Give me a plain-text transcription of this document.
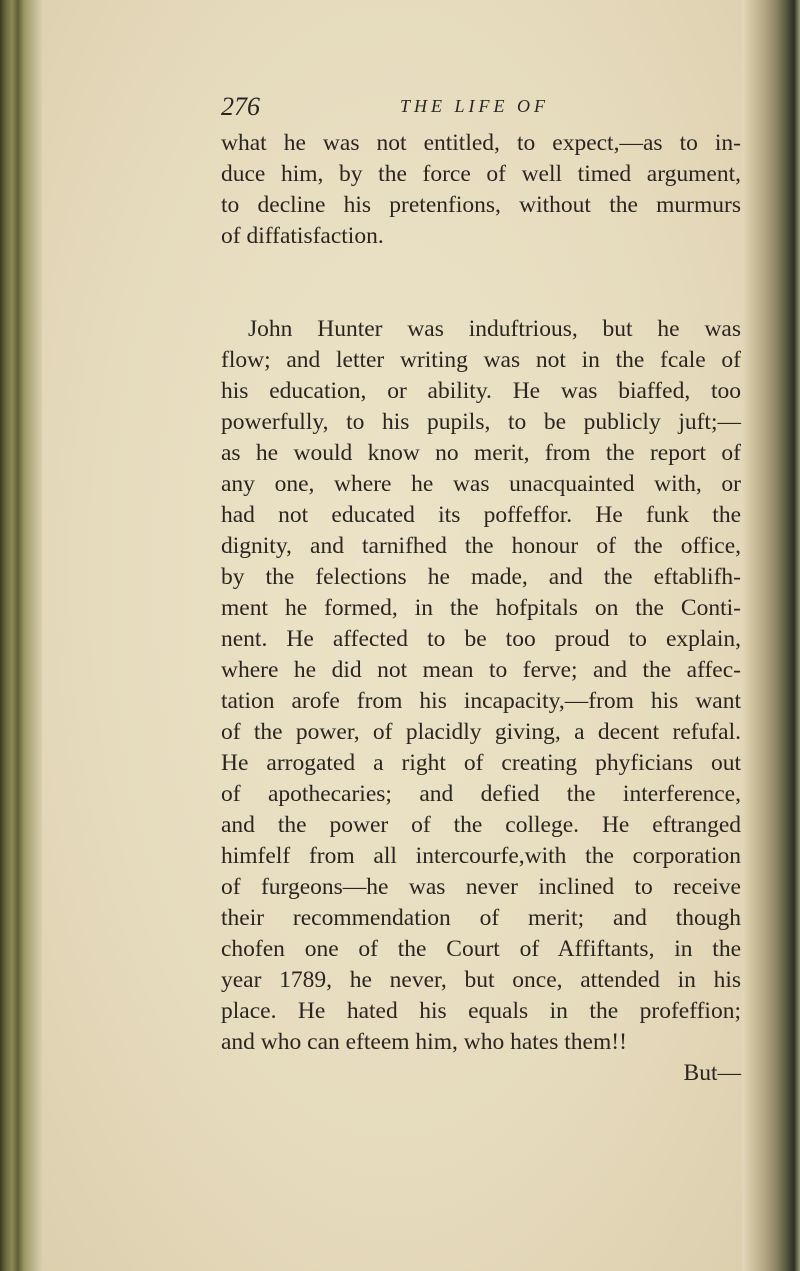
276	THE LIFE OF
what he was not entitled, to expect,—as to in-
duce him, by the force of well timed argument,
to decline his pretenfions, without the murmurs
of diffatisfaction.
John Hunter was induftrious, but he was
flow; and letter writing was not in the fcale of
his education, or ability. He was biaffed, too
powerfully, to his pupils, to be publicly juft;—
as he would know no merit, from the report of
any one, where he was unacquainted with, or
had not educated its poffeffor. He funk the
dignity, and tarnifhed the honour of the office,
by the felections he made, and the eftablifh-
ment he formed, in the hofpitals on the Conti-
nent. He affected to be too proud to explain,
where he did not mean to ferve; and the affec-
tation arofe from his incapacity,—from his want
of the power, of placidly giving, a decent refufal.
He arrogated a right of creating phyficians out
of apothecaries; and defied the interference,
and the power of the college. He eftranged
himfelf from all intercourfe,with the corporation
of furgeons—he was never inclined to receive
their recommendation of merit; and though
chofen one of the Court of Affiftants, in the
year 1789, he never, but once, attended in his
place. He hated his equals in the profeffion;
and who can efteem him, who hates them!!
But—
